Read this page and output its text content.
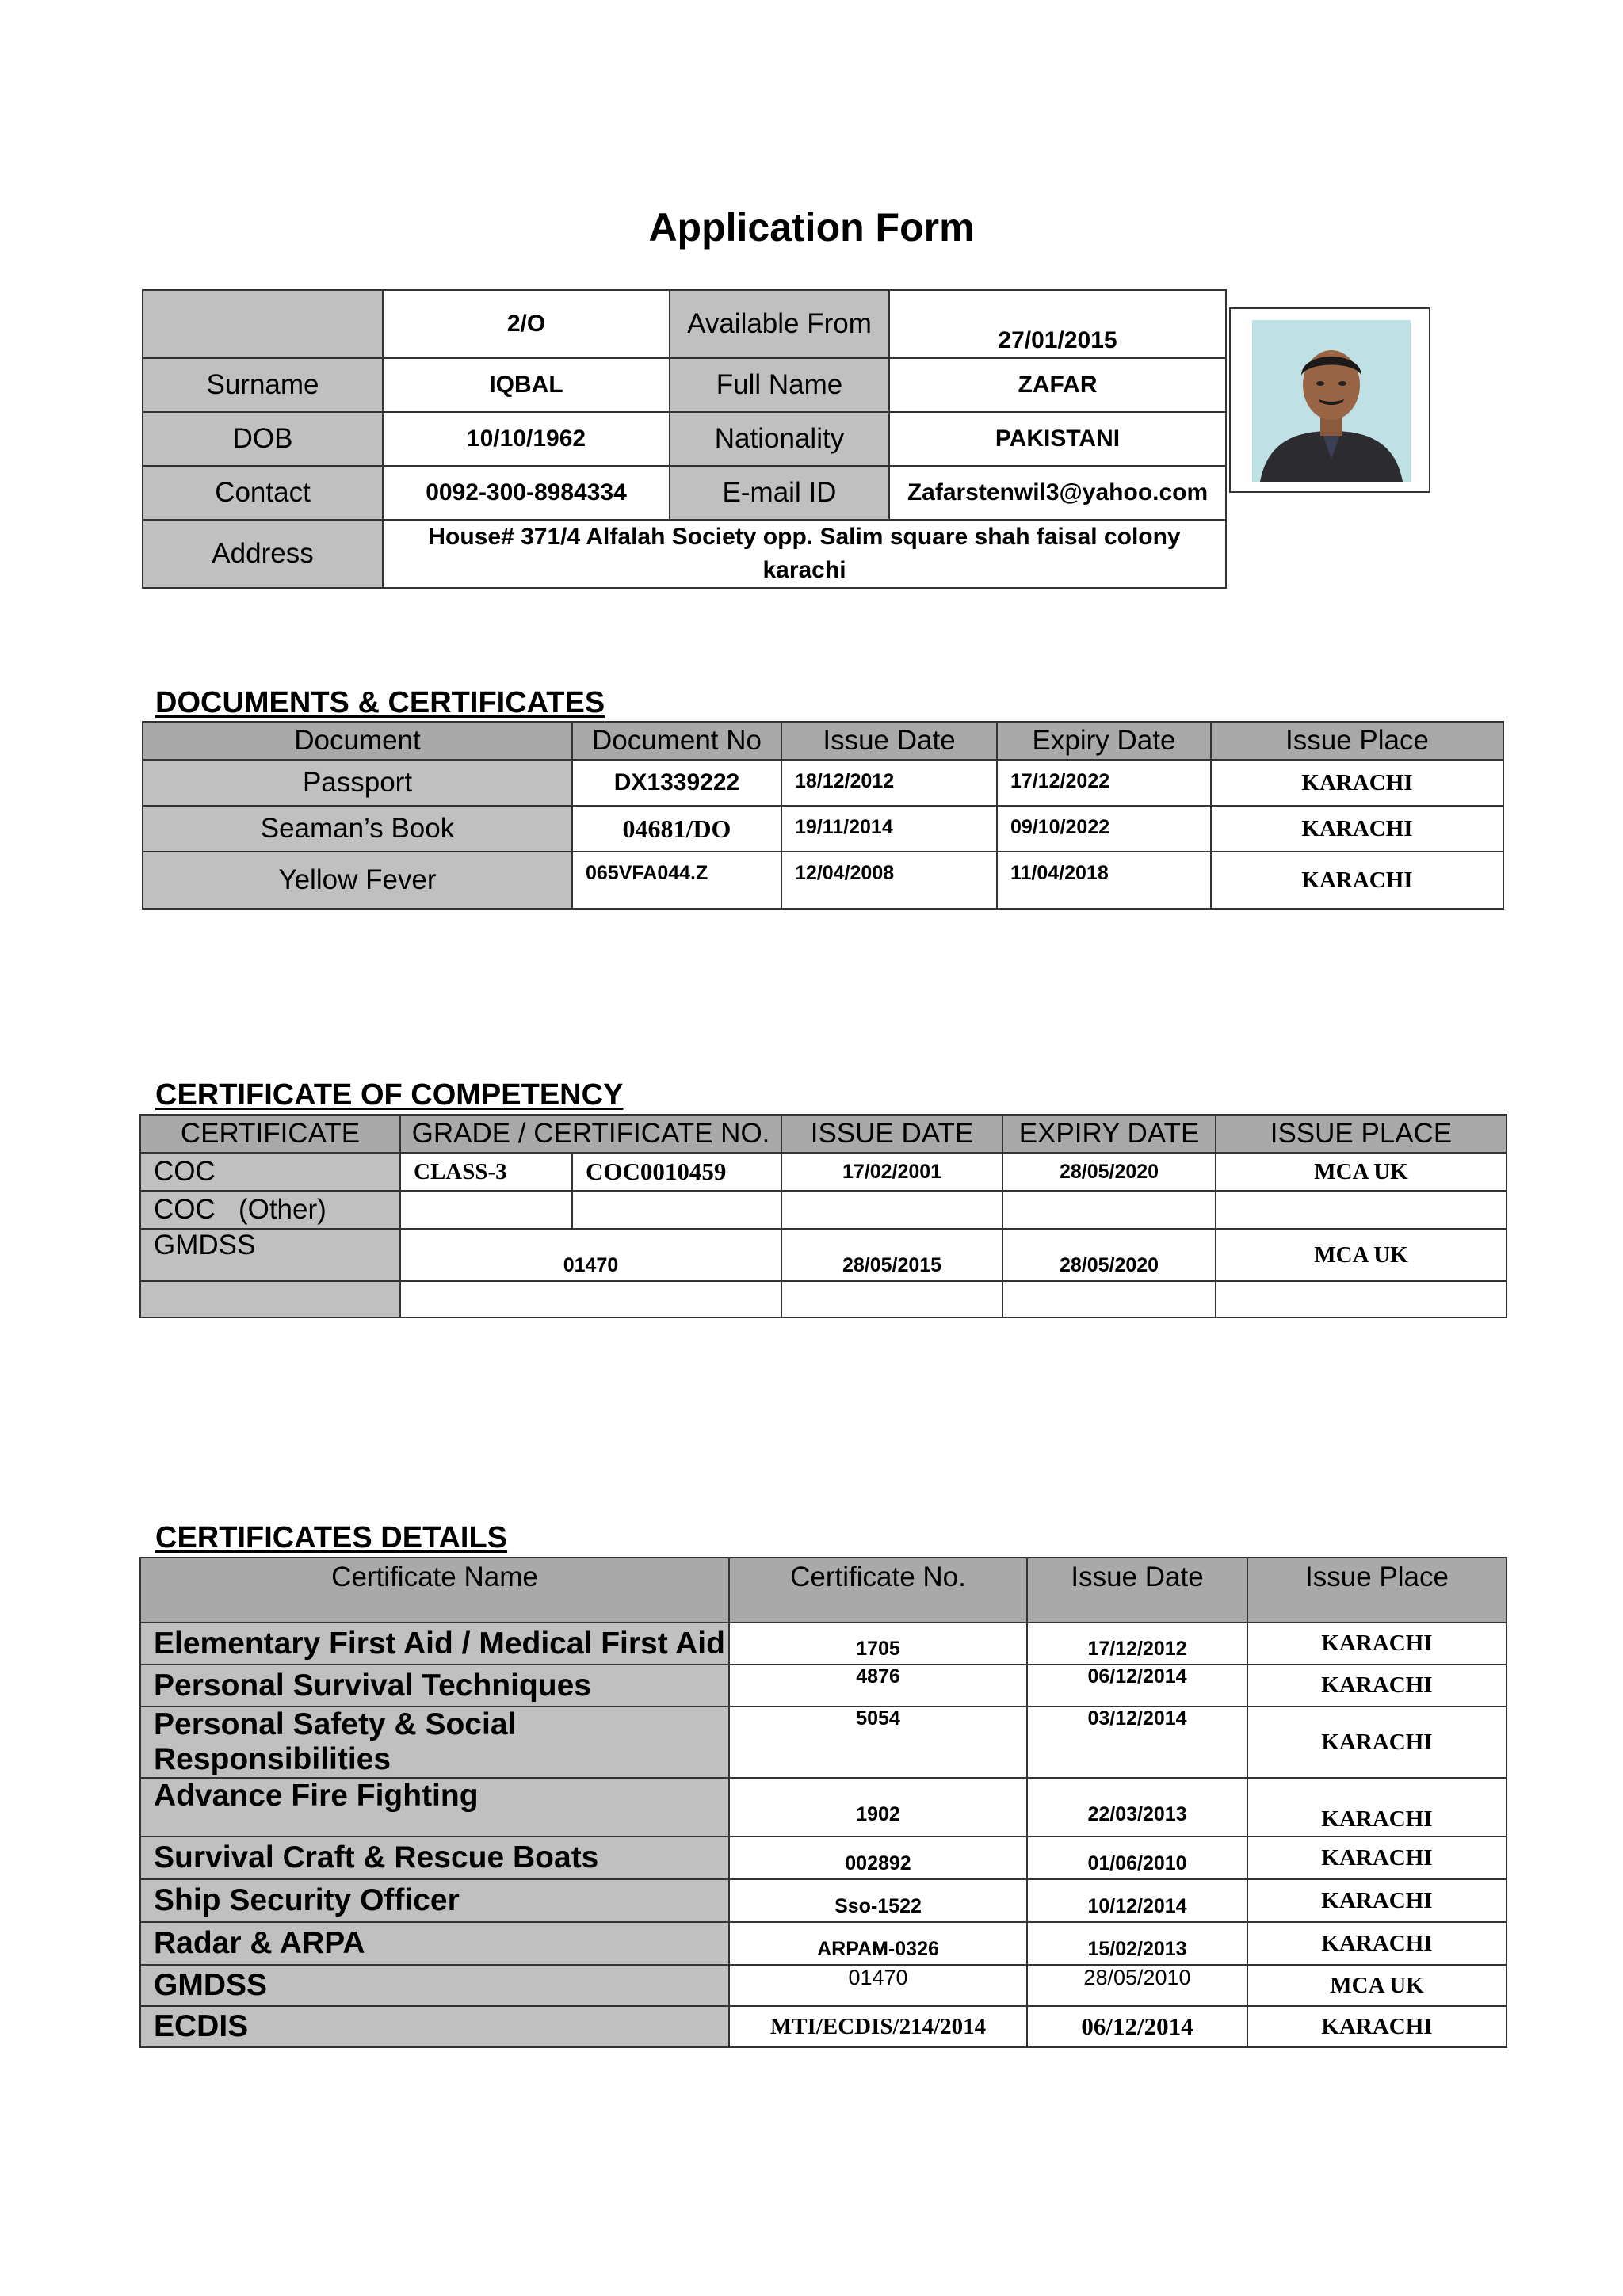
Application Form
	2/O	Available From	27/01/2015
Surname	IQBAL	Full Name	ZAFAR
DOB	10/10/1962	Nationality	PAKISTANI
Contact	0092-300-8984334	E-mail ID	Zafarstenwil3@yahoo.com
Address	House# 371/4 Alfalah Society opp. Salim square shah faisal colony
karachi		
DOCUMENTS & CERTIFICATES
Document	Document No	Issue Date	Expiry Date	Issue Place
Passport	DX1339222	18/12/2012	17/12/2022	KARACHI
Seaman’s Book	04681/DO	19/11/2014	09/10/2022	KARACHI
Yellow Fever	065VFA044.Z	12/04/2008	11/04/2018	KARACHI
CERTIFICATE OF COMPETENCY
CERTIFICATE	GRADE / CERTIFICATE NO.		ISSUE DATE	EXPIRY DATE	ISSUE PLACE
COC	CLASS-3	COC0010459	17/02/2001	28/05/2020	MCA UK
COC   (Other)					
GMDSS	01470		28/05/2015	28/05/2020	MCA UK

CERTIFICATES DETAILS
Certificate Name	Certificate No.	Issue Date	Issue Place
Elementary First Aid / Medical First Aid	1705	17/12/2012	KARACHI
Personal Survival Techniques	4876	06/12/2014	KARACHI
Personal Safety & Social Responsibilities	5054	03/12/2014	KARACHI
Advance Fire Fighting	1902	22/03/2013	KARACHI
Survival Craft & Rescue Boats	002892	01/06/2010	KARACHI
Ship Security Officer	Sso-1522	10/12/2014	KARACHI
Radar & ARPA	ARPAM-0326	15/02/2013	KARACHI
GMDSS	01470	28/05/2010	MCA UK
ECDIS	MTI/ECDIS/214/2014	06/12/2014	KARACHI
